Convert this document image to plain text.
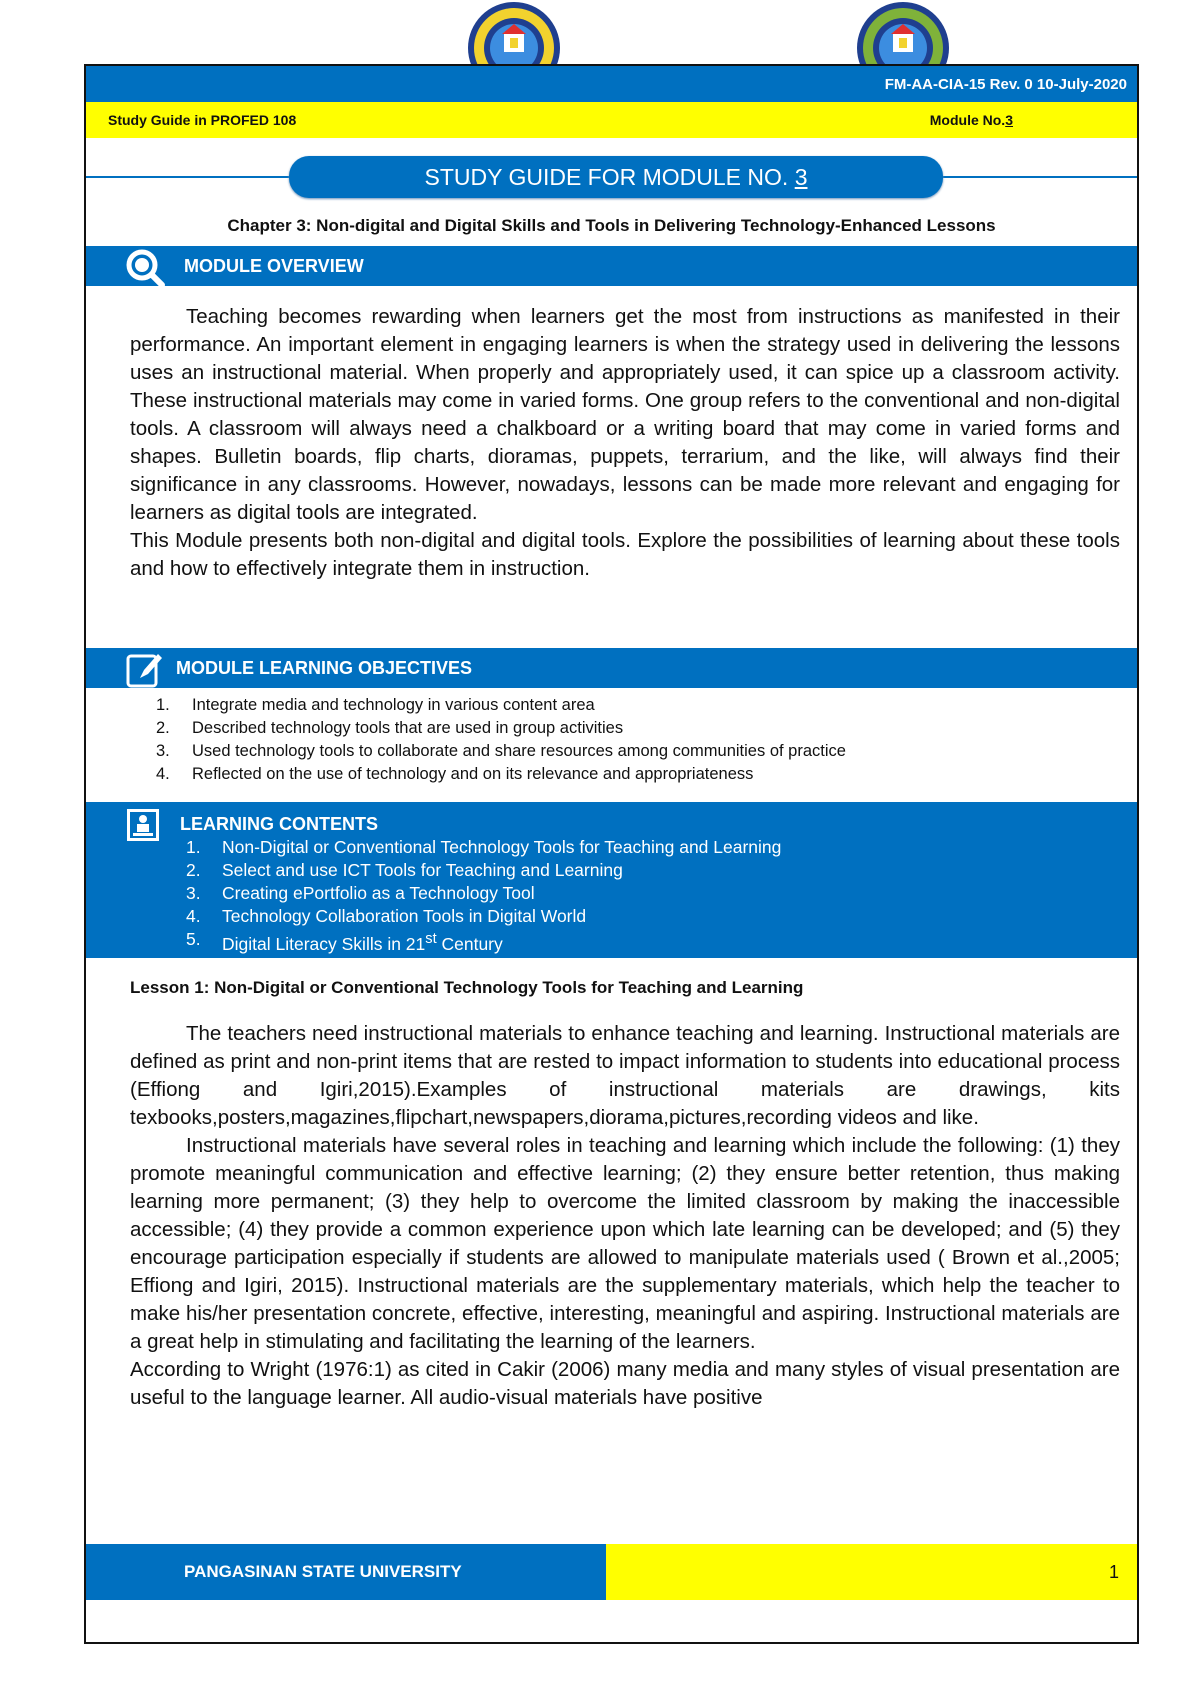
FM-AA-CIA-15 Rev. 0 10-July-2020
Study Guide in PROFED 108	Module No.3
STUDY GUIDE FOR MODULE NO. 3
Chapter 3: Non-digital and Digital Skills and Tools in Delivering Technology-Enhanced Lessons
MODULE OVERVIEW

Teaching becomes rewarding when learners get the most from instructions as manifested in their performance. An important element in engaging learners is when the strategy used in delivering the lessons uses an instructional material. When properly and appropriately used, it can spice up a classroom activity. These instructional materials may come in varied forms. One group refers to the conventional and non-digital tools. A classroom will always need a chalkboard or a writing board that may come in varied forms and shapes. Bulletin boards, flip charts, dioramas, puppets, terrarium, and the like, will always find their significance in any classrooms. However, nowadays, lessons can be made more relevant and engaging for learners as digital tools are integrated.

This Module presents both non-digital and digital tools. Explore the possibilities of learning about these tools and how to effectively integrate them in instruction.

MODULE LEARNING OBJECTIVES
1. Integrate media and technology in various content area
2. Described technology tools that are used in group activities
3. Used technology tools to collaborate and share resources among communities of practice
4. Reflected on the use of technology and on its relevance and appropriateness
LEARNING CONTENTS
1. Non-Digital or Conventional Technology Tools for Teaching and Learning
2. Select and use ICT Tools for Teaching and Learning
3. Creating ePortfolio as a Technology Tool
4. Technology Collaboration Tools in Digital World
5. Digital Literacy Skills in 21st Century
Lesson 1: Non-Digital or Conventional Technology Tools for Teaching and Learning

The teachers need instructional materials to enhance teaching and learning. Instructional materials are defined as print and non-print items that are rested to impact information to students into educational process (Effiong and Igiri,2015).Examples of instructional materials are drawings, kits texbooks,posters,magazines,flipchart,newspapers,diorama,pictures,recording videos and like.

Instructional materials have several roles in teaching and learning which include the following: (1) they promote meaningful communication and effective learning; (2) they ensure better retention, thus making learning more permanent; (3) they help to overcome the limited classroom by making the inaccessible accessible; (4) they provide a common experience upon which late learning can be developed; and (5) they encourage participation especially if students are allowed to manipulate materials used ( Brown et al.,2005; Effiong and Igiri, 2015). Instructional materials are the supplementary materials, which help the teacher to make his/her presentation concrete, effective, interesting, meaningful and aspiring. Instructional materials are a great help in stimulating and facilitating the learning of the learners.

According to Wright (1976:1) as cited in Cakir (2006) many media and many styles of visual presentation are useful to the language learner. All audio-visual materials have positive

PANGASINAN STATE UNIVERSITY	1
